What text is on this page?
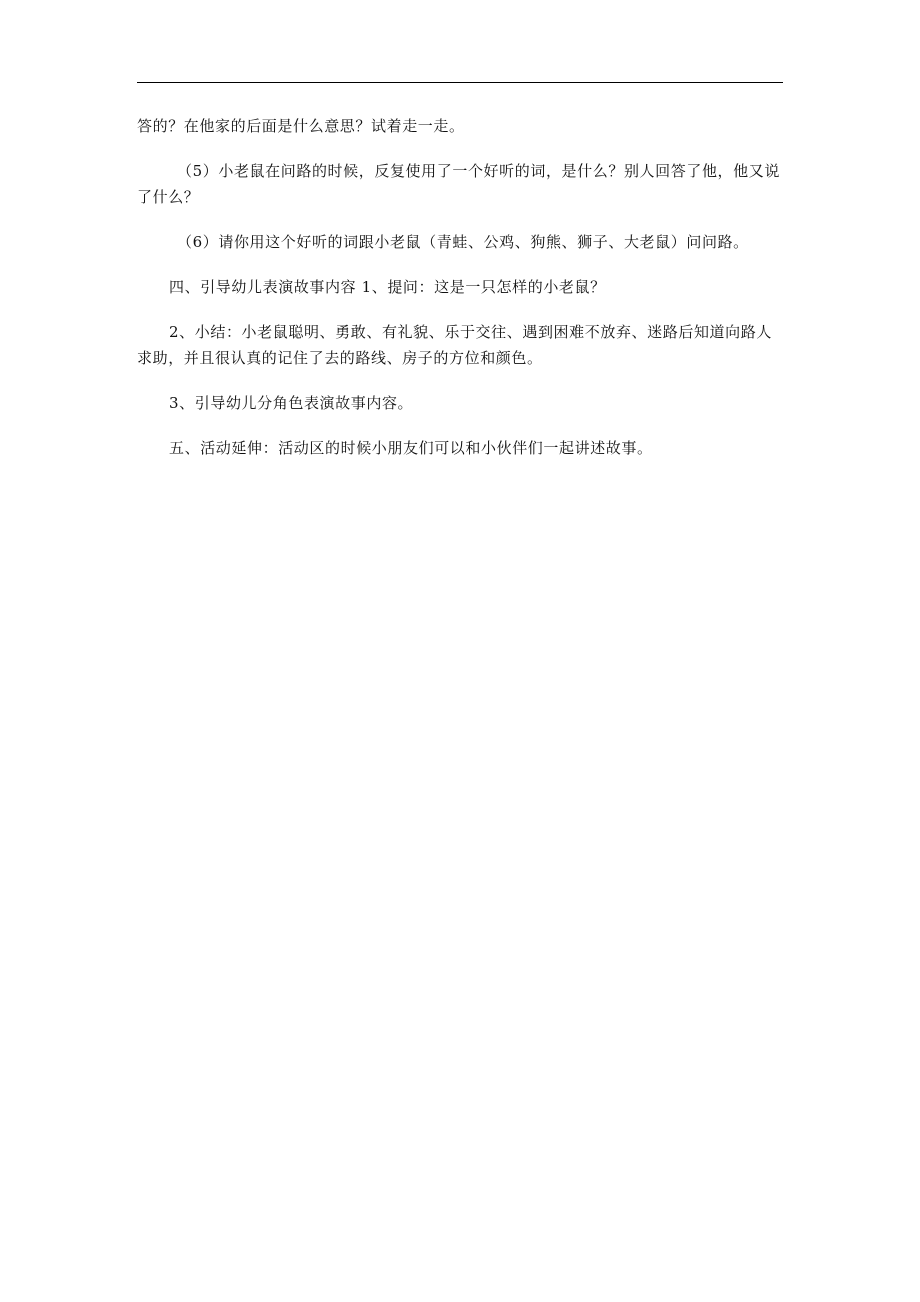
答的？在他家的后面是什么意思？试着走一走。

（5）小老鼠在问路的时候，反复使用了一个好听的词，是什么？别人回答了他，他又说了什么？

（6）请你用这个好听的词跟小老鼠（青蛙、公鸡、狗熊、狮子、大老鼠）问问路。

四、引导幼儿表演故事内容 1、提问：这是一只怎样的小老鼠？

2、小结：小老鼠聪明、勇敢、有礼貌、乐于交往、遇到困难不放弃、迷路后知道向路人求助，并且很认真的记住了去的路线、房子的方位和颜色。

3、引导幼儿分角色表演故事内容。

五、活动延伸：活动区的时候小朋友们可以和小伙伴们一起讲述故事。
